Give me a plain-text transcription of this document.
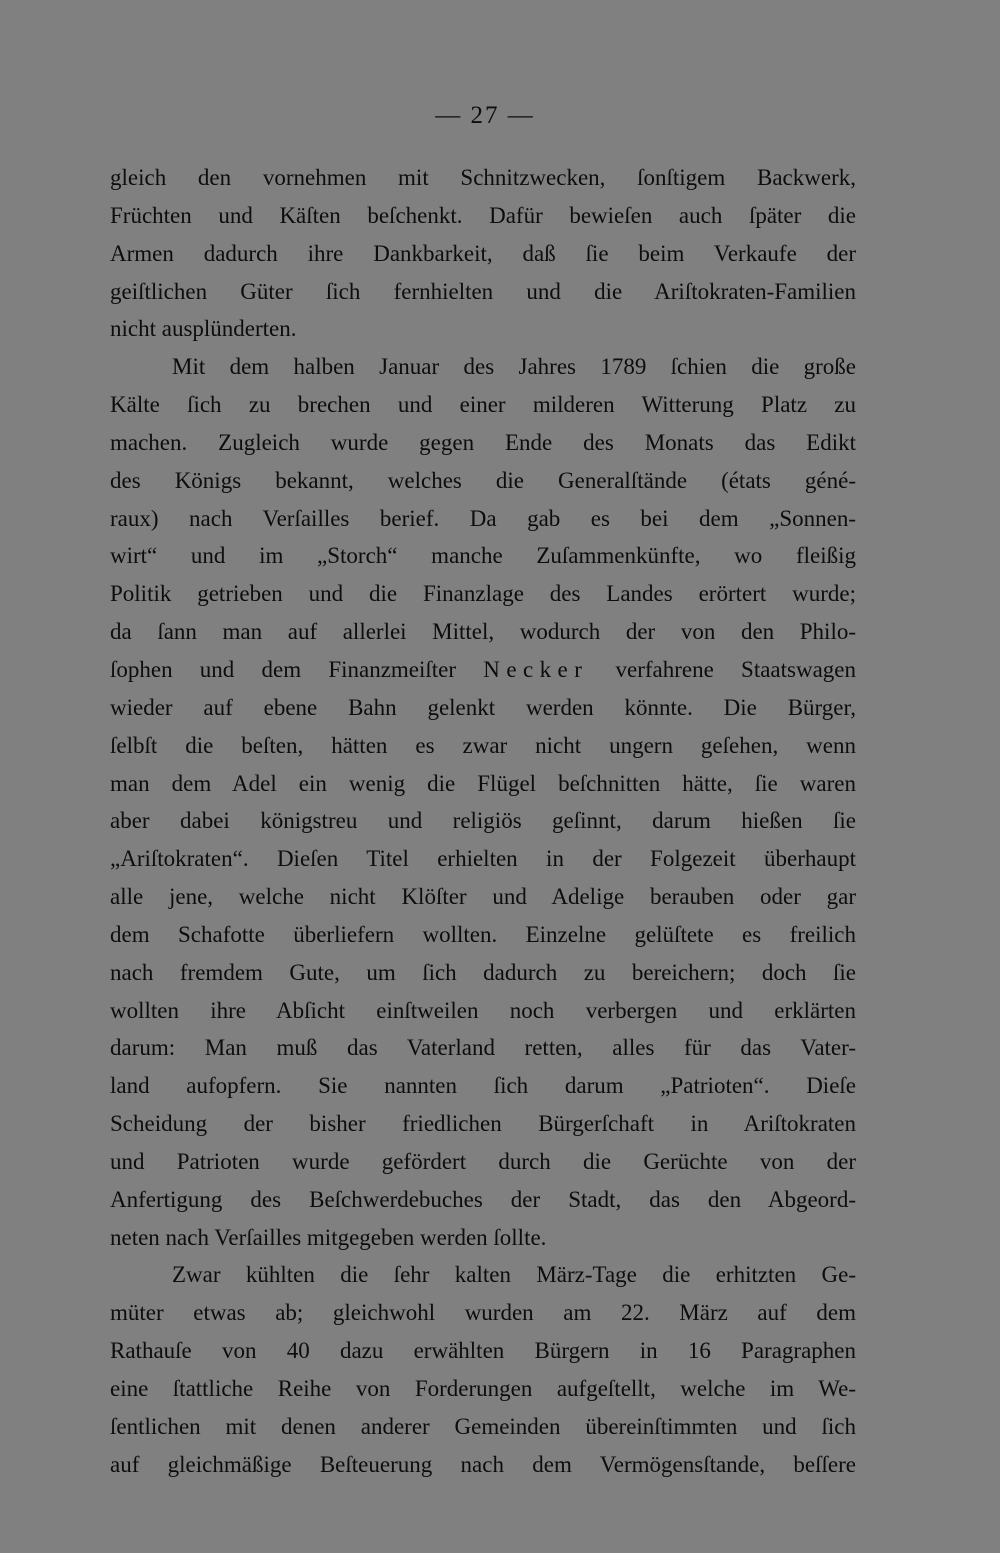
— 27 —
gleich den vornehmen mit Schnitzwecken, ſonſtigem Backwerk,
Früchten und Käſten beſchenkt. Dafür bewieſen auch ſpäter die
Armen dadurch ihre Dankbarkeit, daß ſie beim Verkaufe der
geiſtlichen Güter ſich fernhielten und die Ariſtokraten-Familien
nicht ausplünderten.
Mit dem halben Januar des Jahres 1789 ſchien die große
Kälte ſich zu brechen und einer milderen Witterung Platz zu
machen. Zugleich wurde gegen Ende des Monats das Edikt
des Königs bekannt, welches die Generalſtände (états géné-
raux) nach Verſailles berief. Da gab es bei dem „Sonnen-
wirt“ und im „Storch“ manche Zuſammenkünfte, wo fleißig
Politik getrieben und die Finanzlage des Landes erörtert wurde;
da ſann man auf allerlei Mittel, wodurch der von den Philo-
ſophen und dem Finanzmeiſter Necker verfahrene Staatswagen
wieder auf ebene Bahn gelenkt werden könnte. Die Bürger,
ſelbſt die beſten, hätten es zwar nicht ungern geſehen, wenn
man dem Adel ein wenig die Flügel beſchnitten hätte, ſie waren
aber dabei königstreu und religiös geſinnt, darum hießen ſie
„Ariſtokraten“. Dieſen Titel erhielten in der Folgezeit überhaupt
alle jene, welche nicht Klöſter und Adelige berauben oder gar
dem Schafotte überliefern wollten. Einzelne gelüſtete es freilich
nach fremdem Gute, um ſich dadurch zu bereichern; doch ſie
wollten ihre Abſicht einſtweilen noch verbergen und erklärten
darum: Man muß das Vaterland retten, alles für das Vater-
land aufopfern. Sie nannten ſich darum „Patrioten“. Dieſe
Scheidung der bisher friedlichen Bürgerſchaft in Ariſtokraten
und Patrioten wurde gefördert durch die Gerüchte von der
Anfertigung des Beſchwerdebuches der Stadt, das den Abgeord-
neten nach Verſailles mitgegeben werden ſollte.
Zwar kühlten die ſehr kalten März-Tage die erhitzten Ge-
müter etwas ab; gleichwohl wurden am 22. März auf dem
Rathauſe von 40 dazu erwählten Bürgern in 16 Paragraphen
eine ſtattliche Reihe von Forderungen aufgeſtellt, welche im We-
ſentlichen mit denen anderer Gemeinden übereinſtimmten und ſich
auf gleichmäßige Beſteuerung nach dem Vermögensſtande, beſſere
